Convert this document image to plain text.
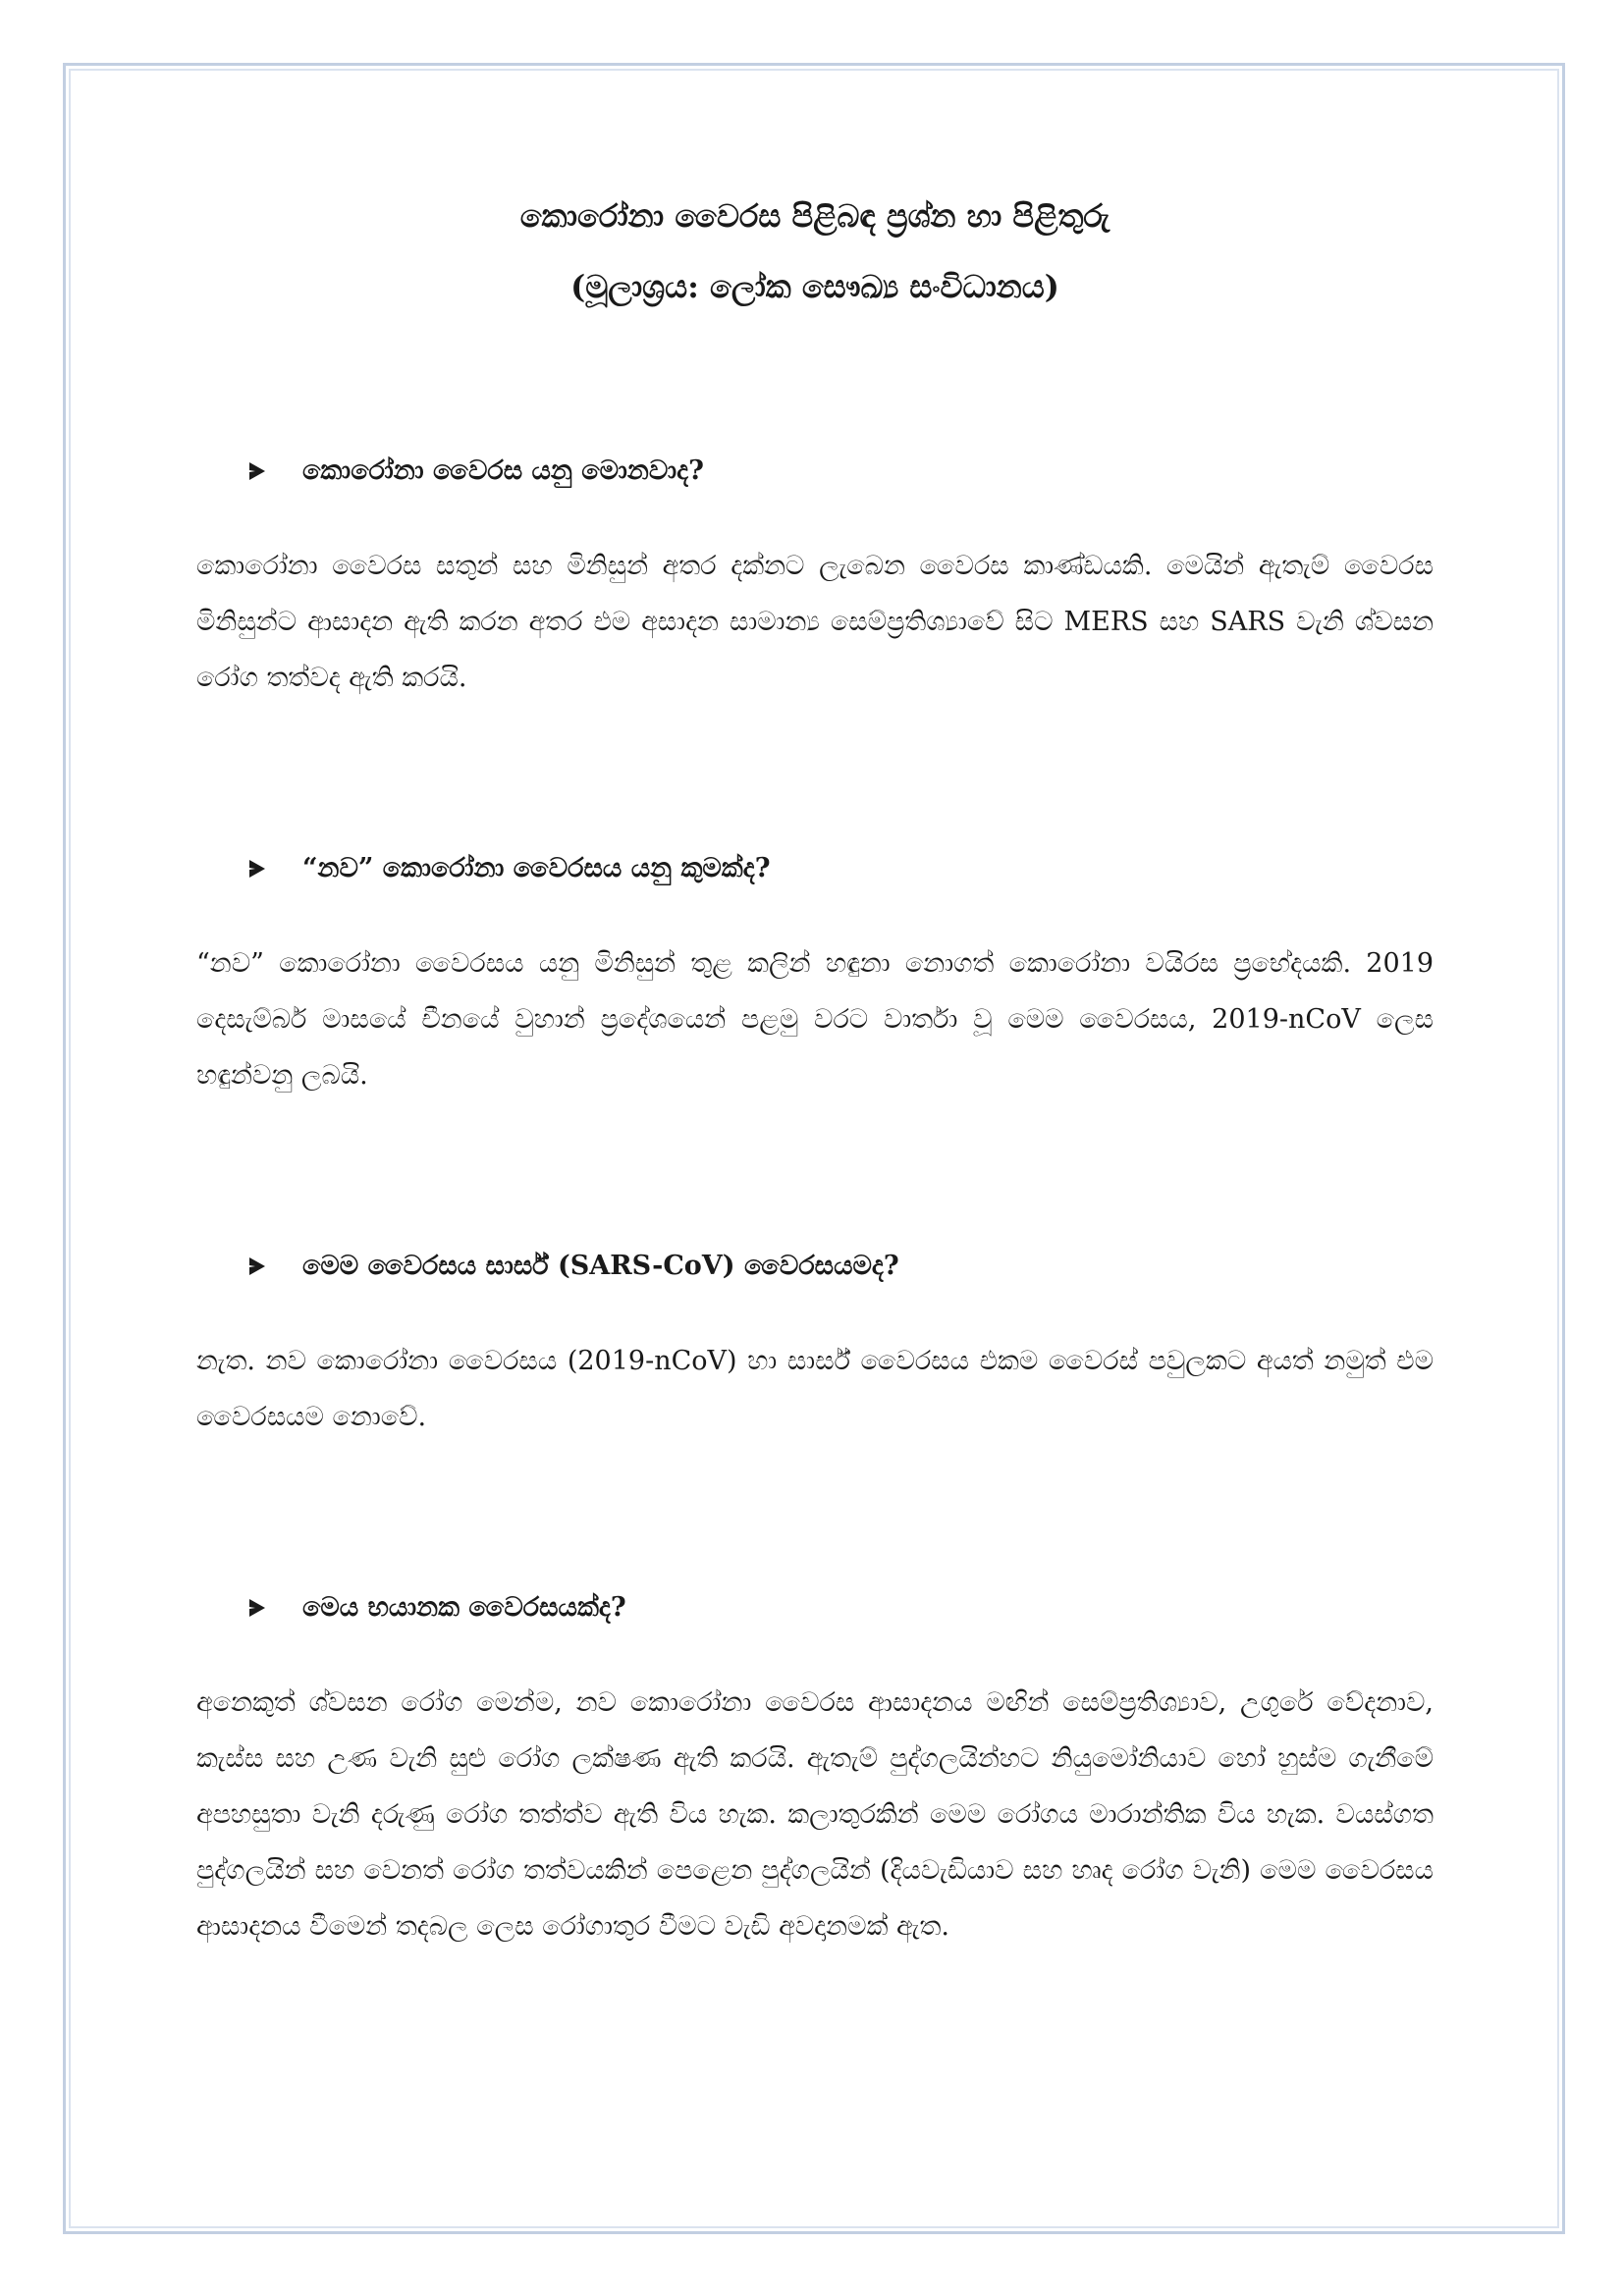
කොරෝනා වෛරස පිළිබඳ ප්‍රශ්න හා පිළිතුරු
(මූලාශ්‍රය: ලෝක සෞඛ්‍ය සංවිධානය)
කොරෝනා වෛරස යනු මොනවාද?

කොරෝනා වෛරස සතුන් සහ මිනිසුන් අතර දක්නට ලැබෙන වෛරස කාණ්ඩයකි. මෙයින් ඇතැම් වෛරස මිනිසුන්ට ආසාදන ඇති කරන අතර එම අසාදන සාමාන්‍ය සෙම්ප්‍රතිශ්‍යාවේ සිට MERS සහ SARS වැනි ශ්වසන රෝග තත්වද ඇති කරයි.

“නව” කොරෝනා වෛරසය යනු කුමක්ද?

“නව” කොරෝනා වෛරසය යනු මිනිසුන් තුළ කලින් හඳුනා නොගත් කොරෝනා වයිරස ප්‍රභේදයකි. 2019 දෙසැම්බර් මාසයේ චීනයේ වුහාන් ප්‍රදේශයෙන් පළමු වරට වාර්තා වූ මෙම වෛරසය, 2019-nCoV ලෙස හඳුන්වනු ලබයි.

මෙම වෛරසය සාර්ස් (SARS-CoV) වෛරසයමද?

නැත. නව කොරෝනා වෛරසය (2019-nCoV) හා සාර්ස් වෛරසය එකම වෛරස් පවුලකට අයත් නමුත් එම වෛරසයම නොවේ.

මෙය භයානක වෛරසයක්ද?

අනෙකුත් ශ්වසන රෝග මෙන්ම, නව කොරෝනා වෛරස ආසාදනය මඟින් සෙම්ප්‍රතිශ්‍යාව, උගුරේ වේදනාව, කැස්ස සහ උණ වැනි සුළු රෝග ලක්ෂණ ඇති කරයි. ඇතැම් පුද්ගලයින්හට නියුමෝනියාව හෝ හුස්ම ගැනීමේ අපහසුතා වැනි දරුණු රෝග තත්ත්ව ඇති විය හැක. කලාතුරකින් මෙම රෝගය මාරාන්තික විය හැක. වයස්ගත පුද්ගලයින් සහ වෙනත් රෝග තත්වයකින් පෙළෙන පුද්ගලයින් (දියවැඩියාව සහ හෘද රෝග වැනි) මෙම වෛරසය ආසාදනය වීමෙන් තදබල ලෙස රෝගාතුර වීමට වැඩි අවදානමක් ඇත.
